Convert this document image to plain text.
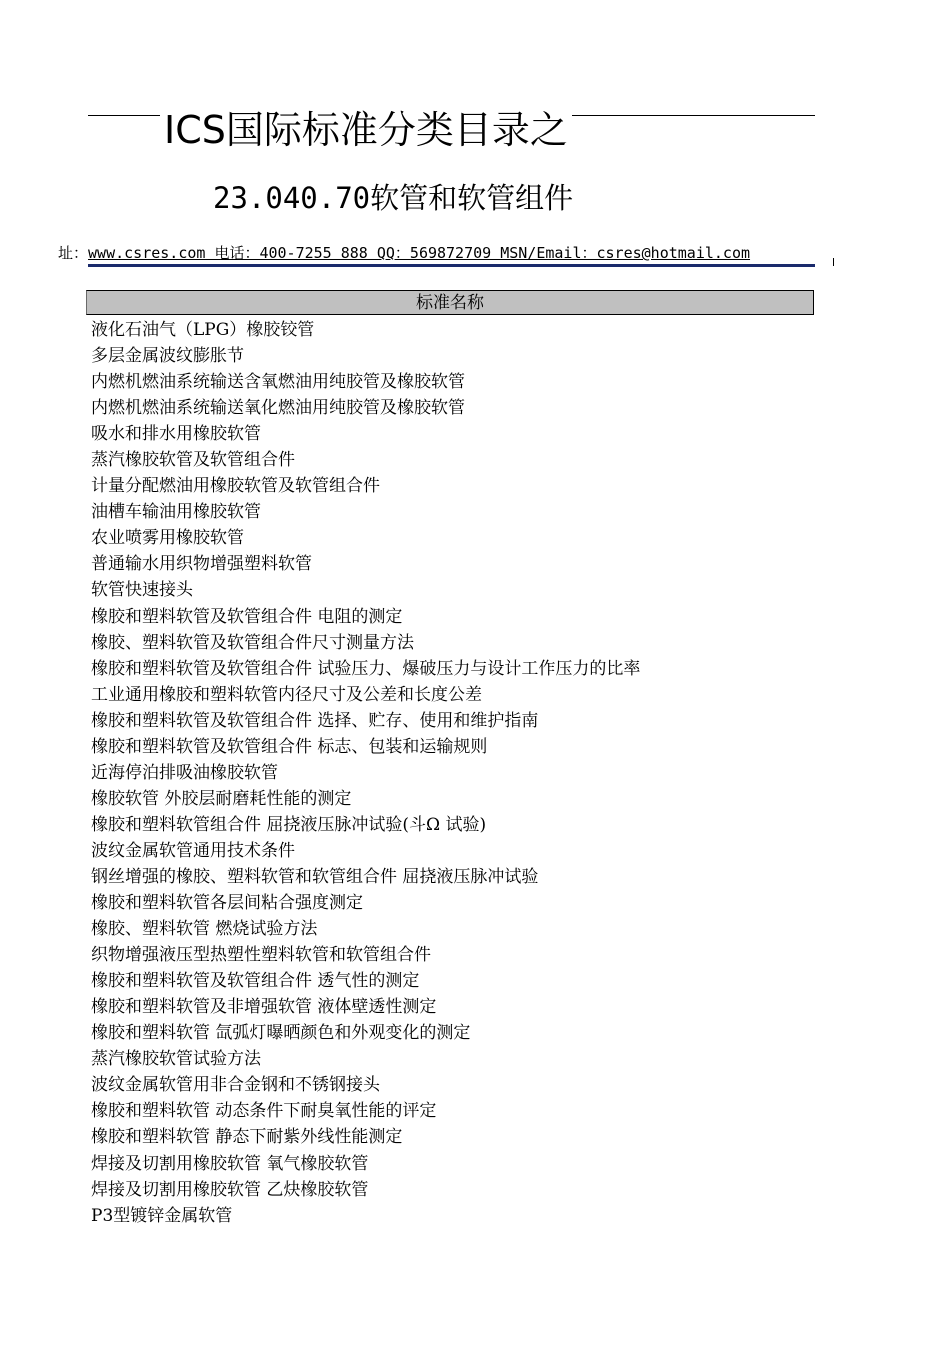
ICS国际标准分类目录之
23.040.70软管和软管组件
址：www.csres.com 电话：400-7255 888 QQ：569872709 MSN/Email：csres@hotmail.com
标准名称
液化石油气（LPG）橡胶铰管
多层金属波纹膨胀节
内燃机燃油系统输送含氧燃油用纯胶管及橡胶软管
内燃机燃油系统输送氧化燃油用纯胶管及橡胶软管
吸水和排水用橡胶软管
蒸汽橡胶软管及软管组合件
计量分配燃油用橡胶软管及软管组合件
油槽车输油用橡胶软管
农业喷雾用橡胶软管
普通输水用织物增强塑料软管
软管快速接头
橡胶和塑料软管及软管组合件 电阻的测定
橡胶、塑料软管及软管组合件尺寸测量方法
橡胶和塑料软管及软管组合件 试验压力、爆破压力与设计工作压力的比率
工业通用橡胶和塑料软管内径尺寸及公差和长度公差
橡胶和塑料软管及软管组合件 选择、贮存、使用和维护指南
橡胶和塑料软管及软管组合件 标志、包装和运输规则
近海停泊排吸油橡胶软管
橡胶软管 外胶层耐磨耗性能的测定
橡胶和塑料软管组合件 屈挠液压脉冲试验(斗Ω 试验)
波纹金属软管通用技术条件
钢丝增强的橡胶、塑料软管和软管组合件 屈挠液压脉冲试验
橡胶和塑料软管各层间粘合强度测定
橡胶、塑料软管 燃烧试验方法
织物增强液压型热塑性塑料软管和软管组合件
橡胶和塑料软管及软管组合件 透气性的测定
橡胶和塑料软管及非增强软管 液体壁透性测定
橡胶和塑料软管 氙弧灯曝晒颜色和外观变化的测定
蒸汽橡胶软管试验方法
波纹金属软管用非合金钢和不锈钢接头
橡胶和塑料软管 动态条件下耐臭氧性能的评定
橡胶和塑料软管 静态下耐紫外线性能测定
焊接及切割用橡胶软管 氧气橡胶软管
焊接及切割用橡胶软管 乙炔橡胶软管
P3型镀锌金属软管
